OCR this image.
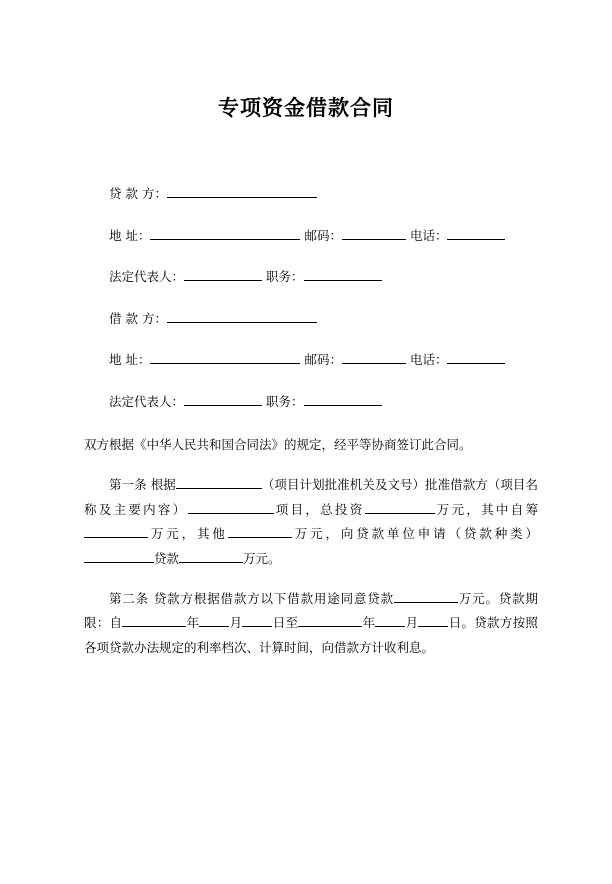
专项资金借款合同

贷 款 方：

地 址：	邮码：	电话：

法定代表人：	职务：

借 款 方：

地 址：	邮码：	电话：

法定代表人：	职务：

双方根据《中华人民共和国合同法》的规定，经平等协商签订此合同。

第一条 根据	（项目计划批准机关及文号）批准借款方（项目名称及主要内容）	项目，总投资	万元，其中自筹万元，其他	万元，向贷款单位申请（贷款种类）贷款	万元。

第二条 贷款方根据借款方以下借款用途同意贷款	万元。贷款期限：自	年 月 日至	年 月 日。贷款方按照各项贷款办法规定的利率档次、计算时间，向借款方计收利息。
